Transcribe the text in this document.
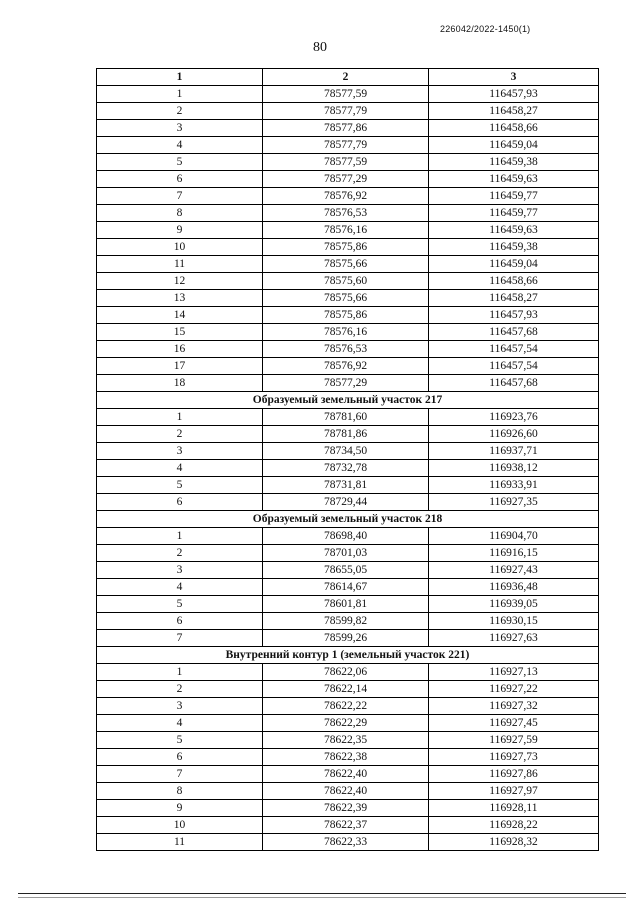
226042/2022-1450(1)
80
1	2	3
1	78577,59	116457,93
2	78577,79	116458,27
3	78577,86	116458,66
4	78577,79	116459,04
5	78577,59	116459,38
6	78577,29	116459,63
7	78576,92	116459,77
8	78576,53	116459,77
9	78576,16	116459,63
10	78575,86	116459,38
11	78575,66	116459,04
12	78575,60	116458,66
13	78575,66	116458,27
14	78575,86	116457,93
15	78576,16	116457,68
16	78576,53	116457,54
17	78576,92	116457,54
18	78577,29	116457,68
Образуемый земельный участок 217		
1	78781,60	116923,76
2	78781,86	116926,60
3	78734,50	116937,71
4	78732,78	116938,12
5	78731,81	116933,91
6	78729,44	116927,35
Образуемый земельный участок 218		
1	78698,40	116904,70
2	78701,03	116916,15
3	78655,05	116927,43
4	78614,67	116936,48
5	78601,81	116939,05
6	78599,82	116930,15
7	78599,26	116927,63
Внутренний контур 1 (земельный участок 221)		
1	78622,06	116927,13
2	78622,14	116927,22
3	78622,22	116927,32
4	78622,29	116927,45
5	78622,35	116927,59
6	78622,38	116927,73
7	78622,40	116927,86
8	78622,40	116927,97
9	78622,39	116928,11
10	78622,37	116928,22
11	78622,33	116928,32
